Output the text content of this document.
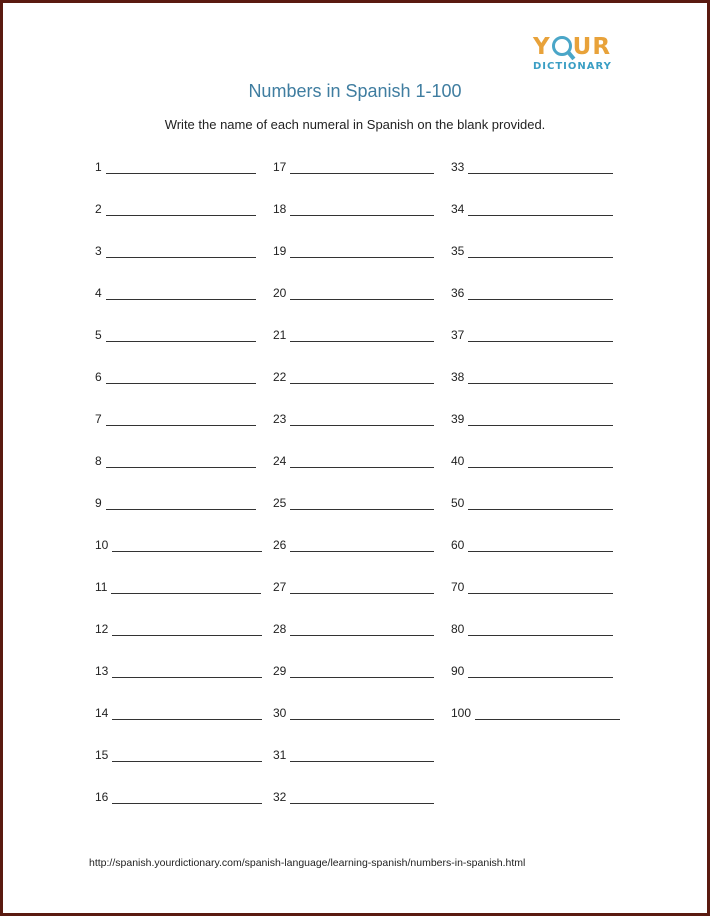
Y UR
DICTIONARY
Numbers in Spanish 1-100
Write the name of each numeral in Spanish on the blank provided.
1
2
3
4
5
6
7
8
9
10
11
12
13
14
15
16
17
18
19
20
21
22
23
24
25
26
27
28
29
30
31
32
33
34
35
36
37
38
39
40
50
60
70
80
90
100
http://spanish.yourdictionary.com/spanish-language/learning-spanish/numbers-in-spanish.html
